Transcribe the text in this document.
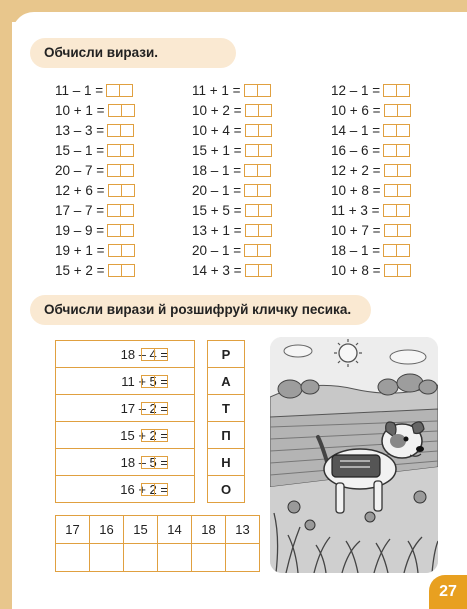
Обчисли вирази.
11 – 1 =
10 + 1 =
13 – 3 =
15 – 1 =
20 – 7 =
12 + 6 =
17 – 7 =
19 – 9 =
19 + 1 =
15 + 2 =
11 + 1 =
10 + 2 =
10 + 4 =
15 + 1 =
18 – 1 =
20 – 1 =
15 + 5 =
13 + 1 =
20 – 1 =
14 + 3 =
12 – 1 =
10 + 6 =
14 – 1 =
16 – 6 =
12 + 2 =
10 + 8 =
11 + 3 =
10 + 7 =
18 – 1 =
10 + 8 =
Обчисли вирази й розшифруй кличку песика.
18 – 4 =		Р
11 + 5 =		А
17 – 2 =		Т
15 + 2 =		П
18 – 5 =		Н
16 + 2 =		О
17	16	15	14	18	13

27
